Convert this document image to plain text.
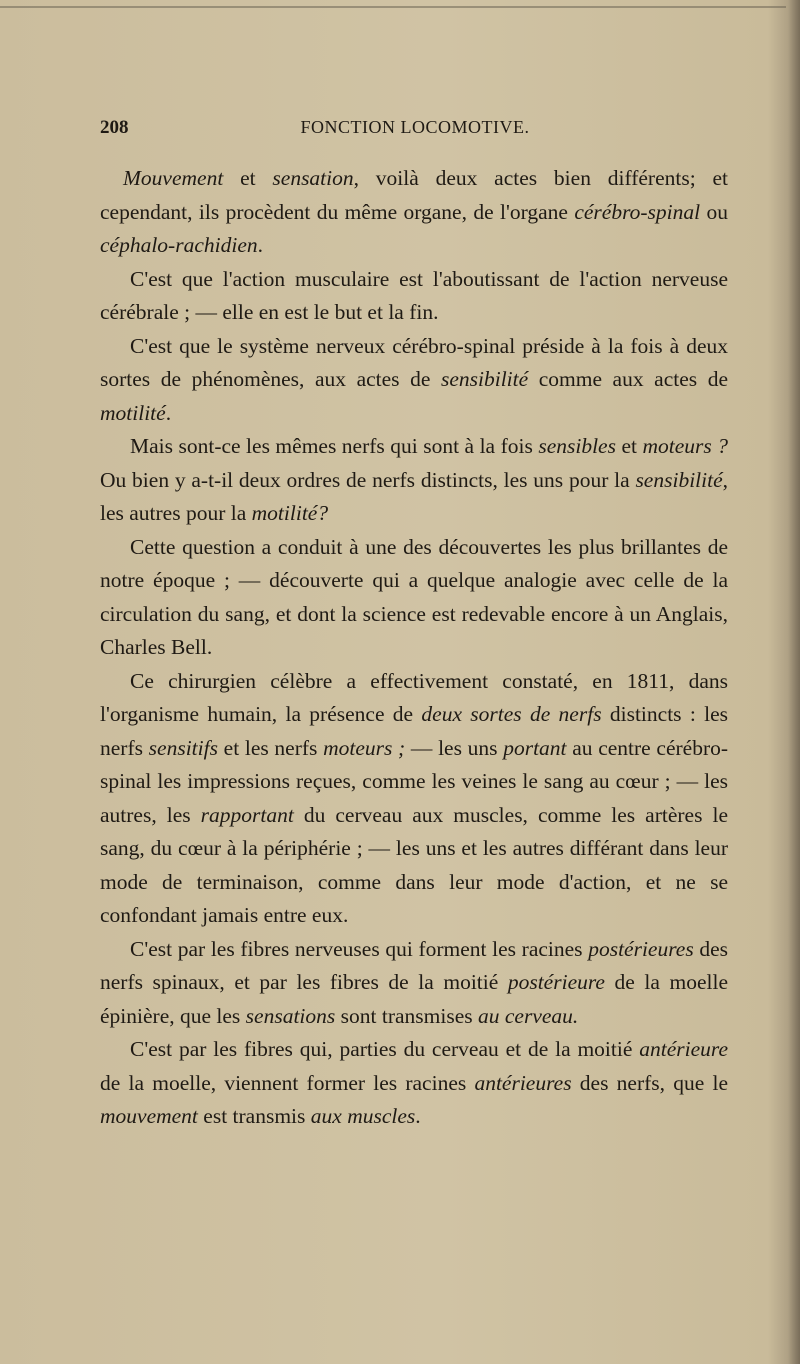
208	FONCTION LOCOMOTIVE.

Mouvement et sensation, voilà deux actes bien différents; et cependant, ils procèdent du même organe, de l'organe cérébro-spinal ou céphalo-rachidien.

C'est que l'action musculaire est l'aboutissant de l'action nerveuse cérébrale ; — elle en est le but et la fin.

C'est que le système nerveux cérébro-spinal préside à la fois à deux sortes de phénomènes, aux actes de sensibilité comme aux actes de motilité.

Mais sont-ce les mêmes nerfs qui sont à la fois sensibles et moteurs ? Ou bien y a-t-il deux ordres de nerfs distincts, les uns pour la sensibilité, les autres pour la motilité?

Cette question a conduit à une des découvertes les plus brillantes de notre époque ; — découverte qui a quelque analogie avec celle de la circulation du sang, et dont la science est redevable encore à un Anglais, Charles Bell.

Ce chirurgien célèbre a effectivement constaté, en 1811, dans l'organisme humain, la présence de deux sortes de nerfs distincts : les nerfs sensitifs et les nerfs moteurs ; — les uns portant au centre cérébro-spinal les impressions reçues, comme les veines le sang au cœur ; — les autres, les rapportant du cerveau aux muscles, comme les artères le sang, du cœur à la périphérie ; — les uns et les autres différant dans leur mode de terminaison, comme dans leur mode d'action, et ne se confondant jamais entre eux.

C'est par les fibres nerveuses qui forment les racines postérieures des nerfs spinaux, et par les fibres de la moitié postérieure de la moelle épinière, que les sensations sont transmises au cerveau.

C'est par les fibres qui, parties du cerveau et de la moitié antérieure de la moelle, viennent former les racines antérieures des nerfs, que le mouvement est transmis aux muscles.
